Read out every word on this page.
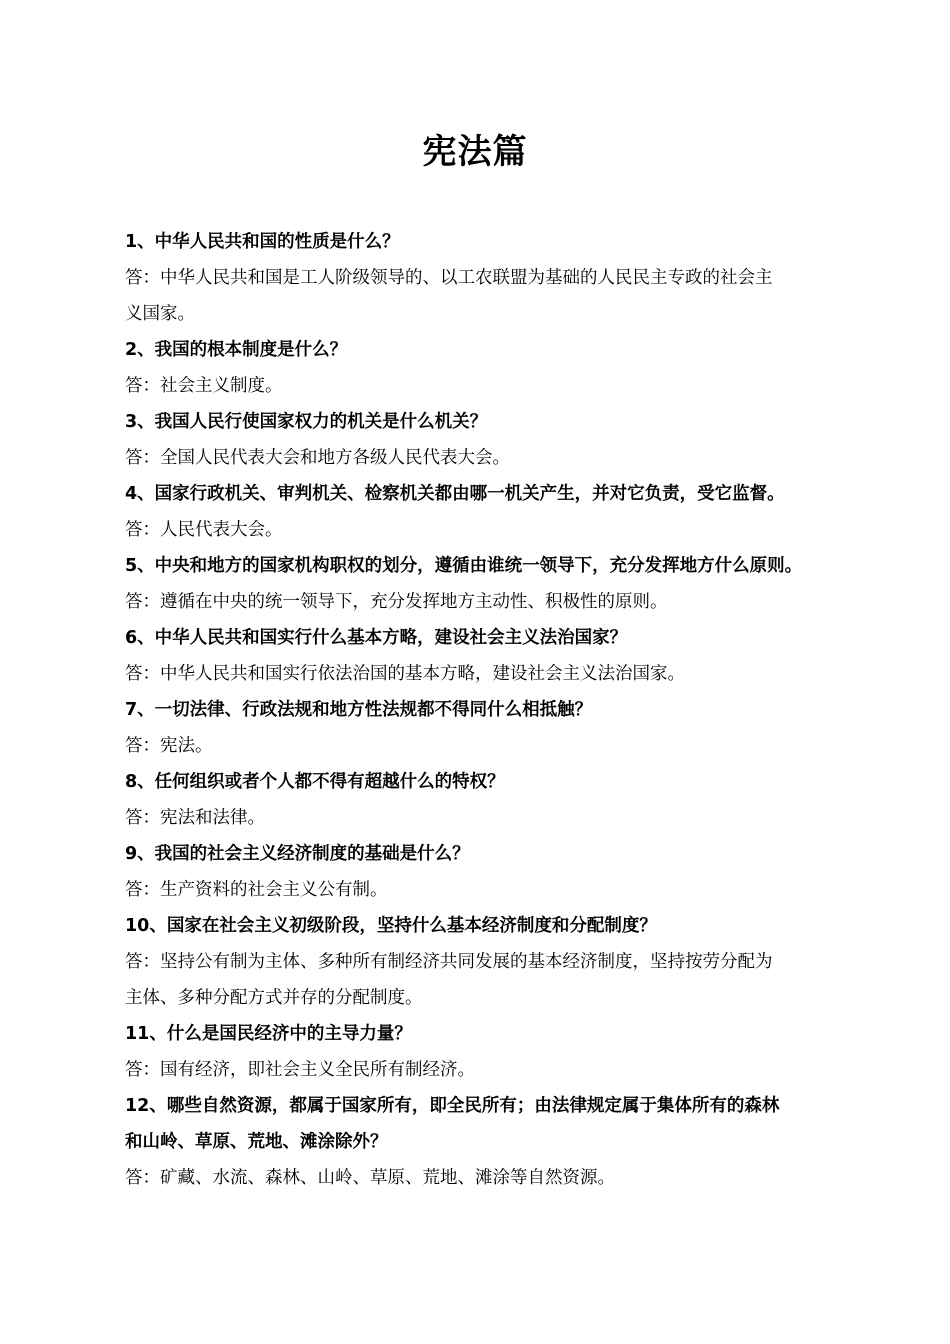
宪法篇
1、中华人民共和国的性质是什么？
答：中华人民共和国是工人阶级领导的、以工农联盟为基础的人民民主专政的社会主
义国家。
2、我国的根本制度是什么？
答：社会主义制度。
3、我国人民行使国家权力的机关是什么机关？
答：全国人民代表大会和地方各级人民代表大会。
4、国家行政机关、审判机关、检察机关都由哪一机关产生，并对它负责，受它监督。
答：人民代表大会。
5、中央和地方的国家机构职权的划分，遵循由谁统一领导下，充分发挥地方什么原则。
答：遵循在中央的统一领导下，充分发挥地方主动性、积极性的原则。
6、中华人民共和国实行什么基本方略，建设社会主义法治国家？
答：中华人民共和国实行依法治国的基本方略，建设社会主义法治国家。
7、一切法律、行政法规和地方性法规都不得同什么相抵触？
答：宪法。
8、任何组织或者个人都不得有超越什么的特权？
答：宪法和法律。
9、我国的社会主义经济制度的基础是什么？
答：生产资料的社会主义公有制。
10、国家在社会主义初级阶段，坚持什么基本经济制度和分配制度？
答：坚持公有制为主体、多种所有制经济共同发展的基本经济制度，坚持按劳分配为
主体、多种分配方式并存的分配制度。
11、什么是国民经济中的主导力量？
答：国有经济，即社会主义全民所有制经济。
12、哪些自然资源，都属于国家所有，即全民所有；由法律规定属于集体所有的森林
和山岭、草原、荒地、滩涂除外？
答：矿藏、水流、森林、山岭、草原、荒地、滩涂等自然资源。
